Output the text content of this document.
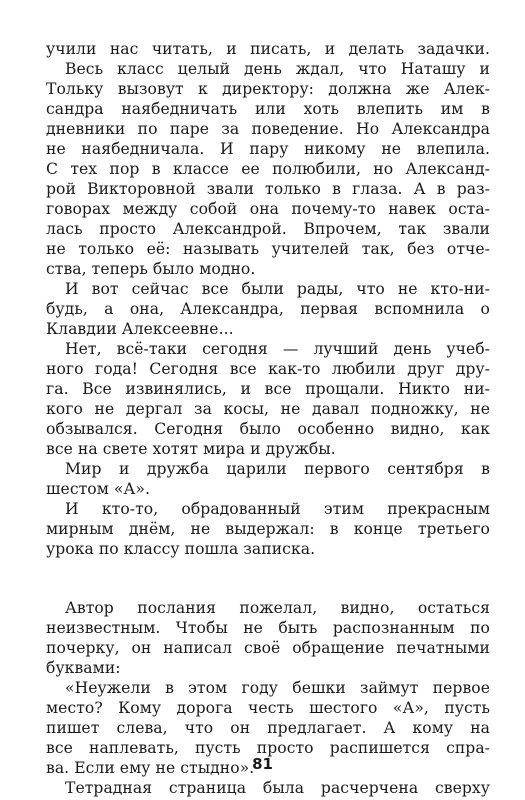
учили нас читать, и писать, и делать задачки.
Весь класс целый день ждал, что Наташу и
Тольку вызовут к директору: должна же Алек-
сандра наябедничать или хоть влепить им в
дневники по паре за поведение. Но Александра
не наябедничала. И пару никому не влепила.
С тех пор в классе ее полюбили, но Александ-
рой Викторовной звали только в глаза. А в раз-
говорах между собой она почему-то навек оста-
лась просто Александрой. Впрочем, так звали
не только её: называть учителей так, без отче-
ства, теперь было модно.
И вот сейчас все были рады, что не кто-ни-
будь, а она, Александра, первая вспомнила о
Клавдии Алексеевне...
Нет, всё-таки сегодня — лучший день учеб-
ного года! Сегодня все как-то любили друг дру-
га. Все извинялись, и все прощали. Никто ни-
кого не дергал за косы, не давал подножку, не
обзывался. Сегодня было особенно видно, как
все на свете хотят мира и дружбы.
Мир и дружба царили первого сентября в
шестом «А».
И кто-то, обрадованный этим прекрасным
мирным днём, не выдержал: в конце третьего
урока по классу пошла записка.
Автор послания пожелал, видно, остаться
неизвестным. Чтобы не быть распознанным по
почерку, он написал своё обращение печатными
буквами:
«Неужели в этом году бешки займут первое
место? Кому дорога честь шестого «А», пусть
пишет слева, что он предлагает. А кому на
все наплевать, пусть просто распишется спра-
ва. Если ему не стыдно».
Тетрадная страница была расчерчена сверху
81
